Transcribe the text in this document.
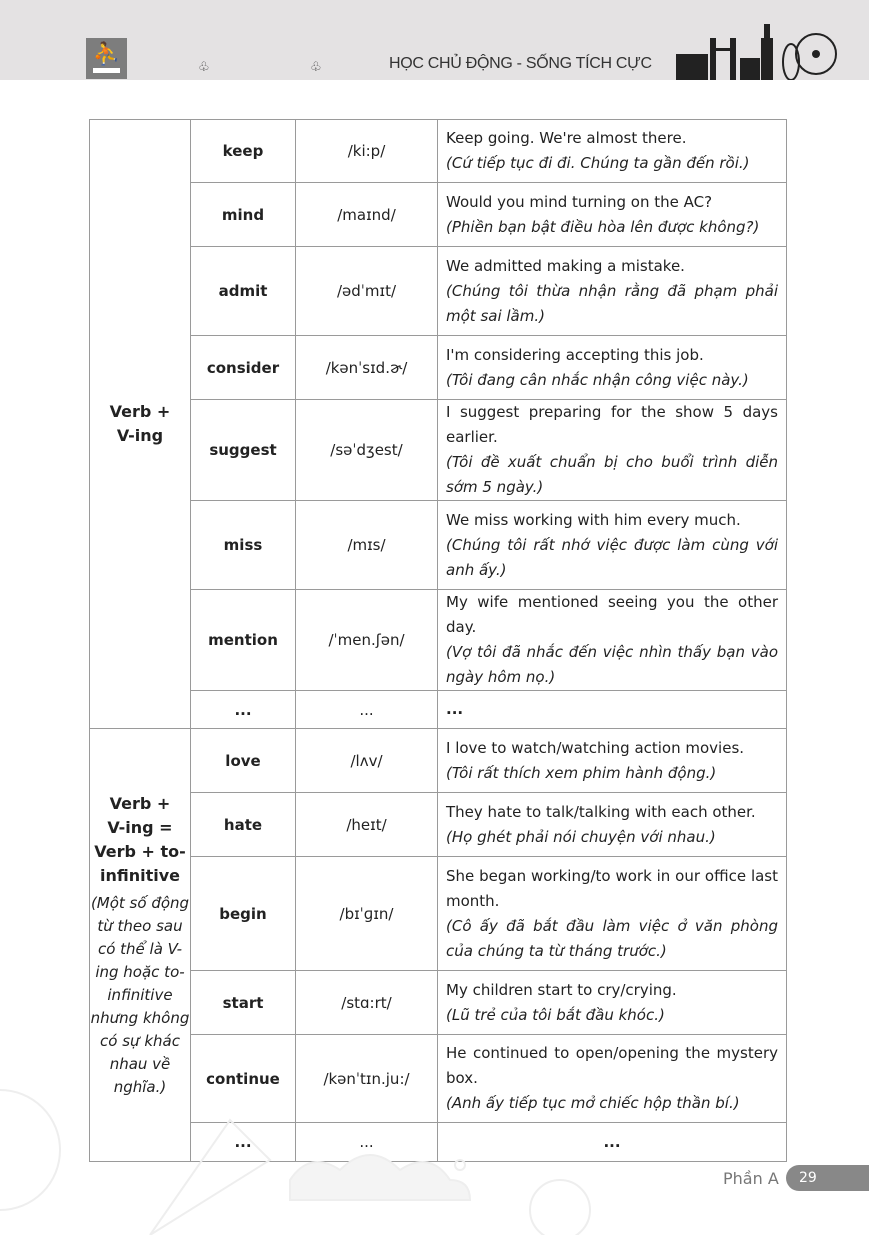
⛹
♧	♧	HỌC CHỦ ĐỘNG - SỐNG TÍCH CỰC
Verb +
V-ing	keep	/ki:p/	Keep going. We're almost there.
(Cứ tiếp tục đi đi. Chúng ta gần đến rồi.)

	mind	/maɪnd/	Would you mind turning on the AC?
(Phiền bạn bật điều hòa lên được không?)

	admit	/ədˈmɪt/	We admitted making a mistake.
(Chúng tôi thừa nhận rằng đã phạm phải một sai lầm.)

	consider	/kənˈsɪd.ɚ/	I'm considering accepting this job.
(Tôi đang cân nhắc nhận công việc này.)

	suggest	/səˈdʒest/	I suggest preparing for the show 5 days earlier.
(Tôi đề xuất chuẩn bị cho buổi trình diễn sớm 5 ngày.)

	miss	/mɪs/	We miss working with him every much.
(Chúng tôi rất nhớ việc được làm cùng với anh ấy.)

	mention	/ˈmen.ʃən/	My wife mentioned seeing you the other day.
(Vợ tôi đã nhắc đến việc nhìn thấy bạn vào ngày hôm nọ.)

	...	...	...
Verb +
V-ing =
Verb + to-
infinitive
(Một số động từ theo sau có thể là V-ing hoặc to-infinitive nhưng không có sự khác nhau về nghĩa.)	love	/lʌv/	I love to watch/watching action movies.
(Tôi rất thích xem phim hành động.)

	hate	/heɪt/	They hate to talk/talking with each other.
(Họ ghét phải nói chuyện với nhau.)

	begin	/bɪˈɡɪn/	She began working/to work in our office last month.
(Cô ấy đã bắt đầu làm việc ở văn phòng của chúng ta từ tháng trước.)

	start	/stɑ:rt/	My children start to cry/crying.
(Lũ trẻ của tôi bắt đầu khóc.)

	continue	/kənˈtɪn.ju:/	He continued to open/opening the mystery box.
(Anh ấy tiếp tục mở chiếc hộp thần bí.)

	...	...	...
Phần A	29
